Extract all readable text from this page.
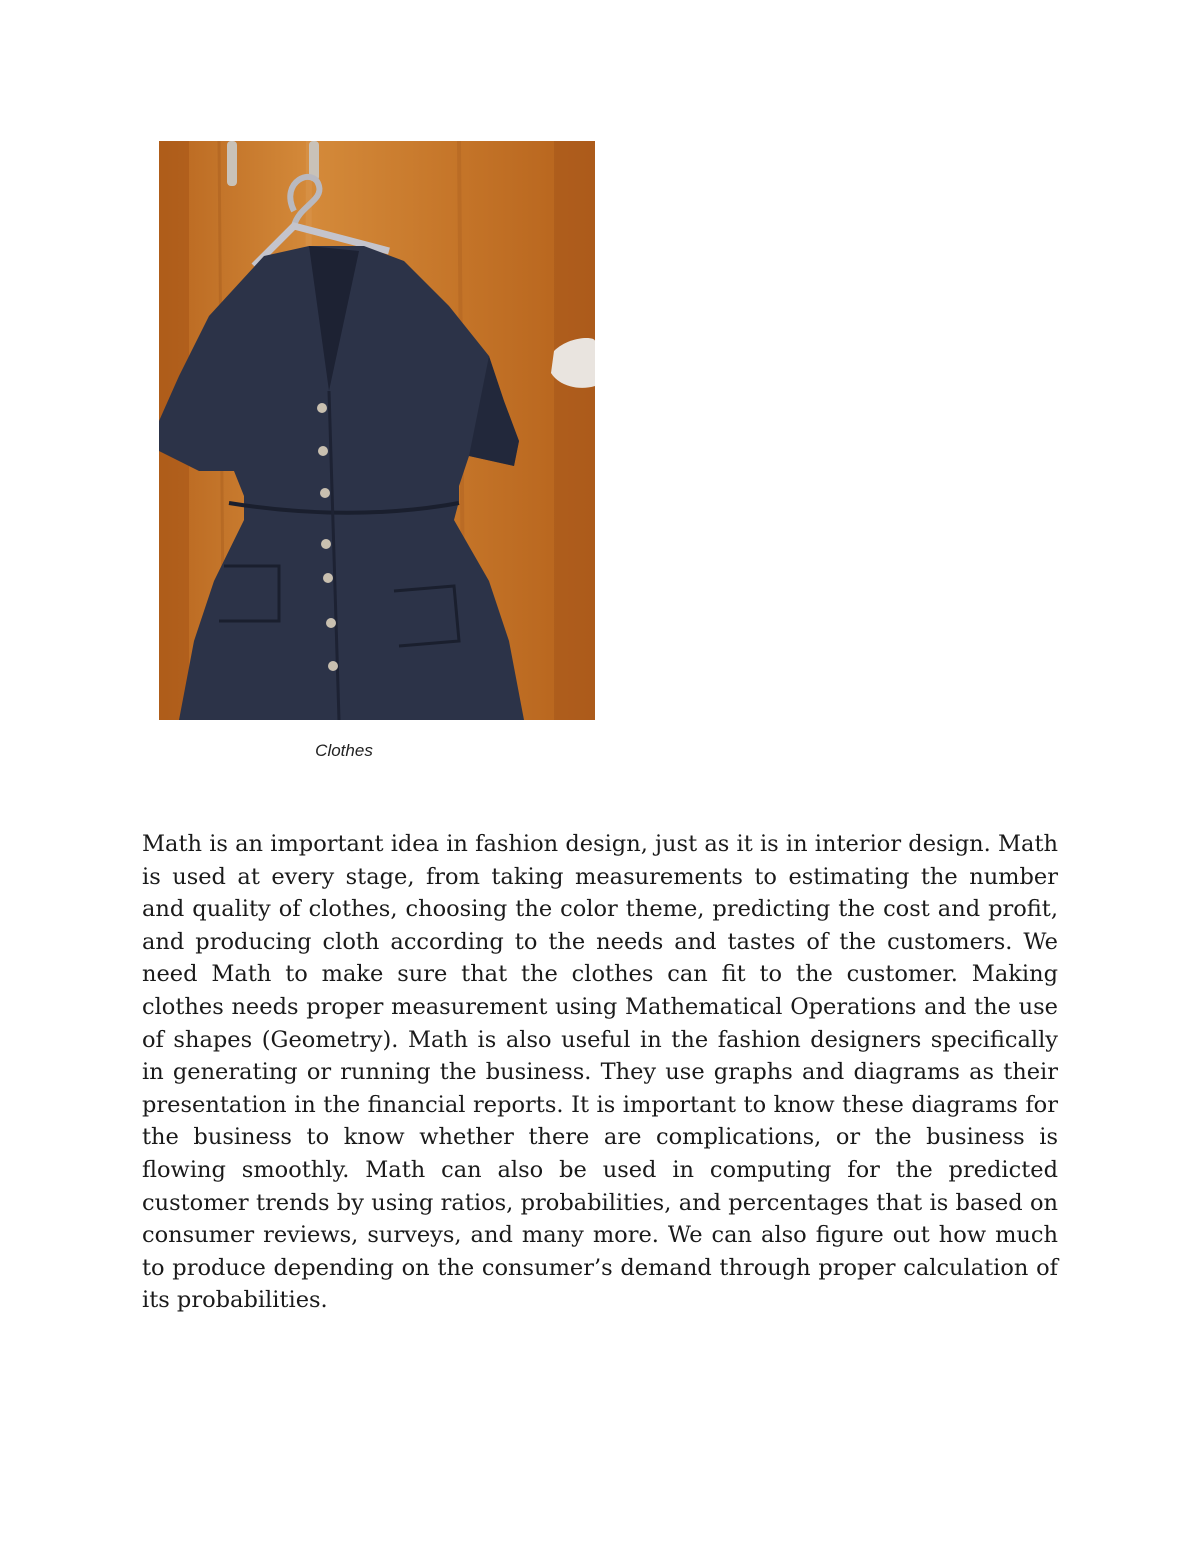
Clothes

Math is an important idea in fashion design, just as it is in interior design. Math is used at every stage, from taking measurements to estimating the number and quality of clothes, choosing the color theme, predicting the cost and profit, and producing cloth according to the needs and tastes of the customers. We need Math to make sure that the clothes can fit to the customer. Making clothes needs proper measurement using Mathematical Operations and the use of shapes (Geometry). Math is also useful in the fashion designers specifically in generating or running the business. They use graphs and diagrams as their presentation in the financial reports. It is important to know these diagrams for the business to know whether there are complications, or the business is flowing smoothly. Math can also be used in computing for the predicted customer trends by using ratios, probabilities, and percentages that is based on consumer reviews, surveys, and many more. We can also figure out how much to produce depending on the consumer’s demand through proper calculation of its probabilities.
